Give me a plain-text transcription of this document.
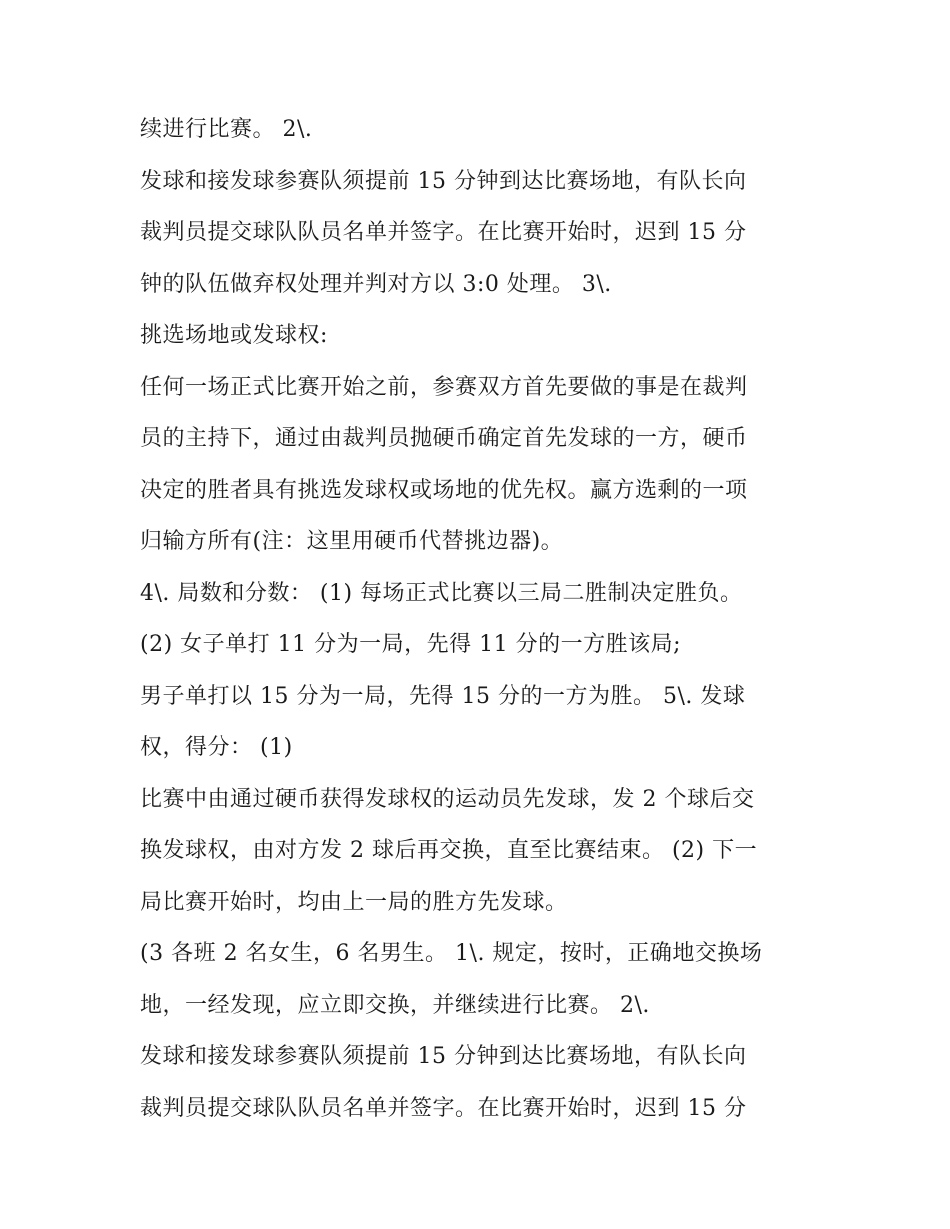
续进行比赛。 2\.
发球和接发球参赛队须提前 15 分钟到达比赛场地，有队长向
裁判员提交球队队员名单并签字。在比赛开始时，迟到 15 分
钟的队伍做弃权处理并判对方以 3:0 处理。 3\.
挑选场地或发球权:
任何一场正式比赛开始之前，参赛双方首先要做的事是在裁判
员的主持下，通过由裁判员抛硬币确定首先发球的一方，硬币
决定的胜者具有挑选发球权或场地的优先权。赢方选剩的一项
归输方所有(注：这里用硬币代替挑边器)。
4\. 局数和分数： (1) 每场正式比赛以三局二胜制决定胜负。
(2) 女子单打 11 分为一局，先得 11 分的一方胜该局;
男子单打以 15 分为一局，先得 15 分的一方为胜。 5\. 发球
权，得分： (1)
比赛中由通过硬币获得发球权的运动员先发球，发 2 个球后交
换发球权，由对方发 2 球后再交换，直至比赛结束。 (2) 下一
局比赛开始时，均由上一局的胜方先发球。
(3 各班 2 名女生，6 名男生。 1\. 规定，按时，正确地交换场
地，一经发现，应立即交换，并继续进行比赛。 2\.
发球和接发球参赛队须提前 15 分钟到达比赛场地，有队长向
裁判员提交球队队员名单并签字。在比赛开始时，迟到 15 分
